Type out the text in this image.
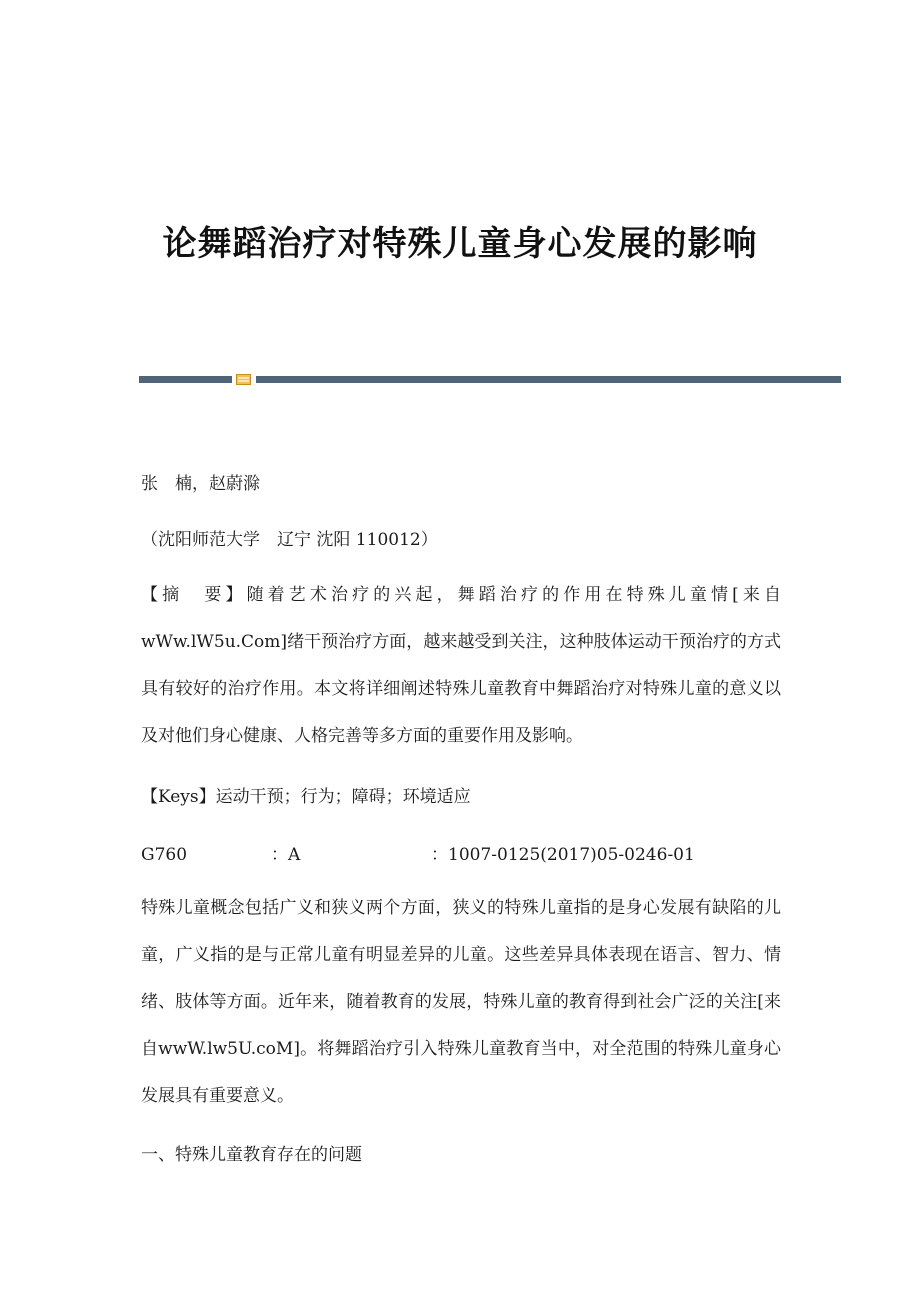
论舞蹈治疗对特殊儿童身心发展的影响

张　楠，赵蔚滁

（沈阳师范大学　辽宁 沈阳 110012）

【摘　要】随着艺术治疗的兴起，舞蹈治疗的作用在特殊儿童情[来自wWw.lW5u.Com]绪干预治疗方面，越来越受到关注，这种肢体运动干预治疗的方式具有较好的治疗作用。本文将详细阐述特殊儿童教育中舞蹈治疗对特殊儿童的意义以及对他们身心健康、人格完善等多方面的重要作用及影响。

【Keys】运动干预；行为；障碍；环境适应

G760	：A	：1007-0125(2017)05-0246-01

特殊儿童概念包括广义和狭义两个方面，狭义的特殊儿童指的是身心发展有缺陷的儿童，广义指的是与正常儿童有明显差异的儿童。这些差异具体表现在语言、智力、情绪、肢体等方面。近年来，随着教育的发展，特殊儿童的教育得到社会广泛的关注[来自wwW.lw5U.coM]。将舞蹈治疗引入特殊儿童教育当中，对全范围的特殊儿童身心发展具有重要意义。

一、特殊儿童教育存在的问题
